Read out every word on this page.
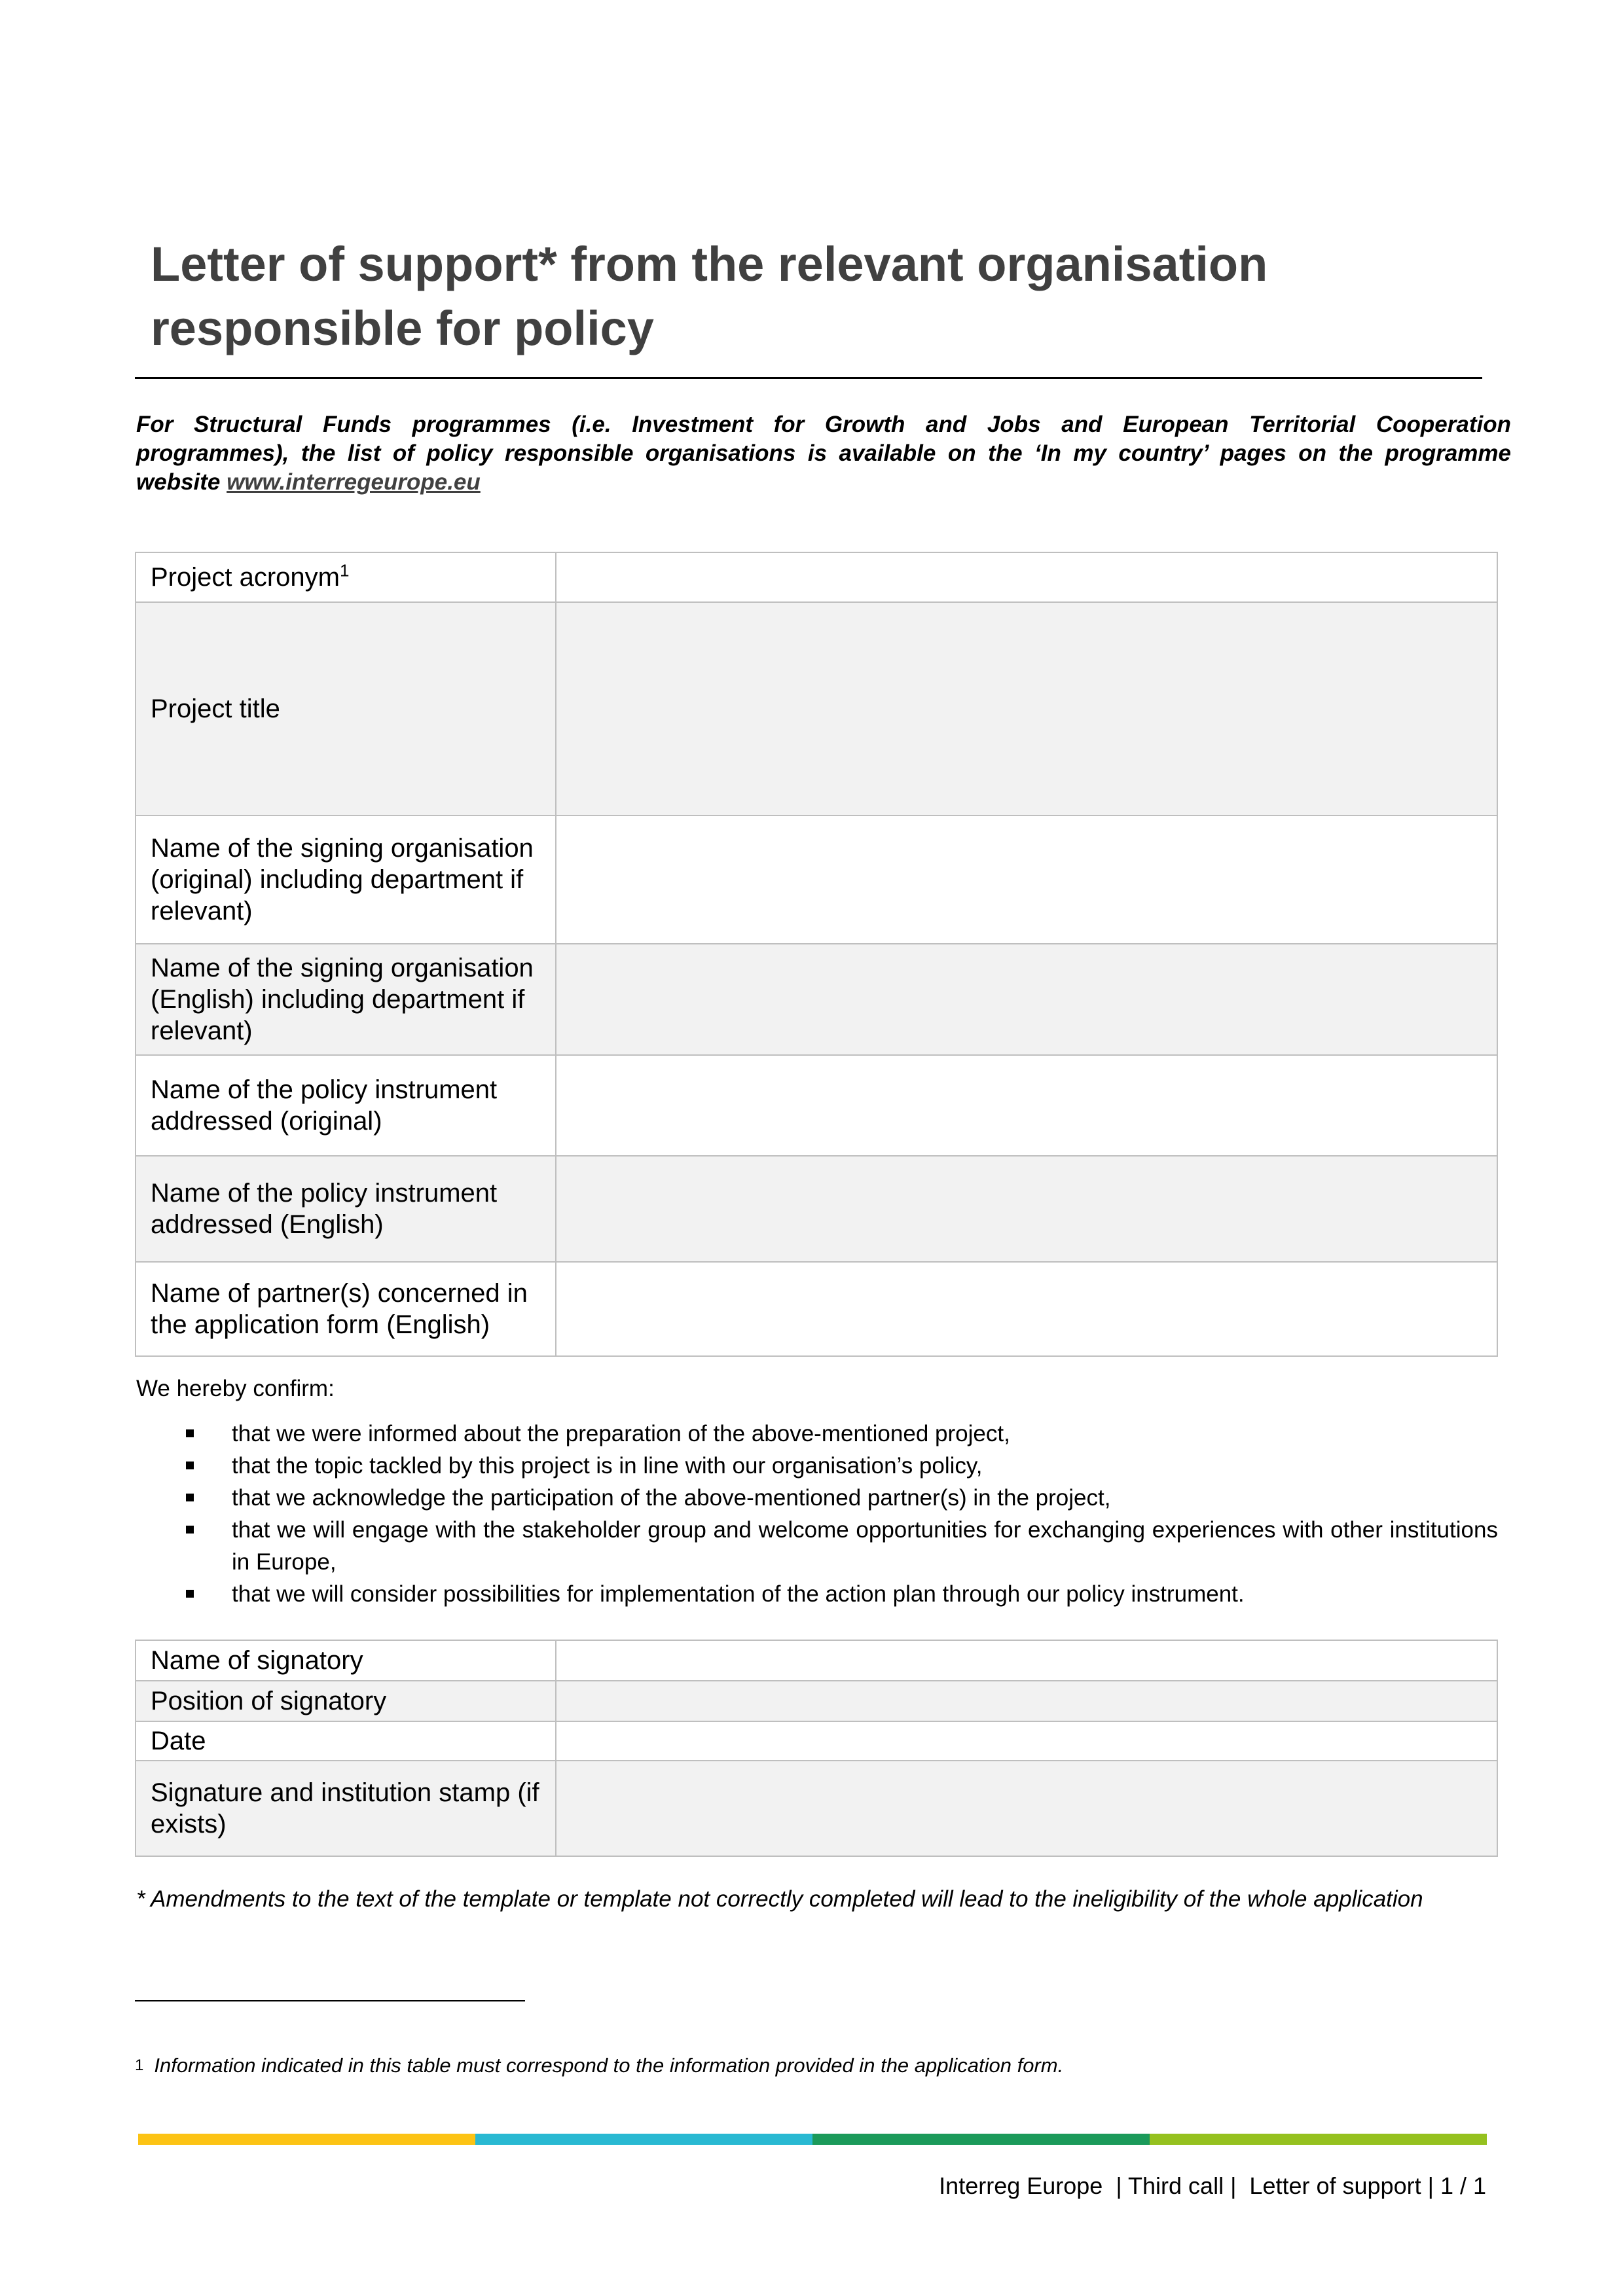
Letter of support* from the relevant organisation
responsible for policy
For Structural Funds programmes (i.e. Investment for Growth and Jobs and European Territorial Cooperation
programmes), the list of policy responsible organisations is available on the ‘In my country’ pages on the programme
website www.interregeurope.eu
Project acronym$^1$	
Project title	
Name of the signing organisation (original) including department if relevant)	
Name of the signing organisation (English) including department if relevant)	
Name of the policy instrument addressed (original)	
Name of the policy instrument addressed (English)	
Name of partner(s) concerned in the application form (English)	
We hereby confirm:
that we were informed about the preparation of the above-mentioned project,
that the topic tackled by this project is in line with our organisation’s policy,
that we acknowledge the participation of the above-mentioned partner(s) in the project,
that we will engage with the stakeholder group and welcome opportunities for exchanging experiences with other institutions in Europe,
that we will consider possibilities for implementation of the action plan through our policy instrument.
Name of signatory	
Position of signatory	
Date	
Signature and institution stamp (if exists)	
* Amendments to the text of the template or template not correctly completed will lead to the ineligibility of the whole application
$^1$ Information indicated in this table must correspond to the information provided in the application form.
Interreg Europe  | Third call |  Letter of support | 1 / 1
